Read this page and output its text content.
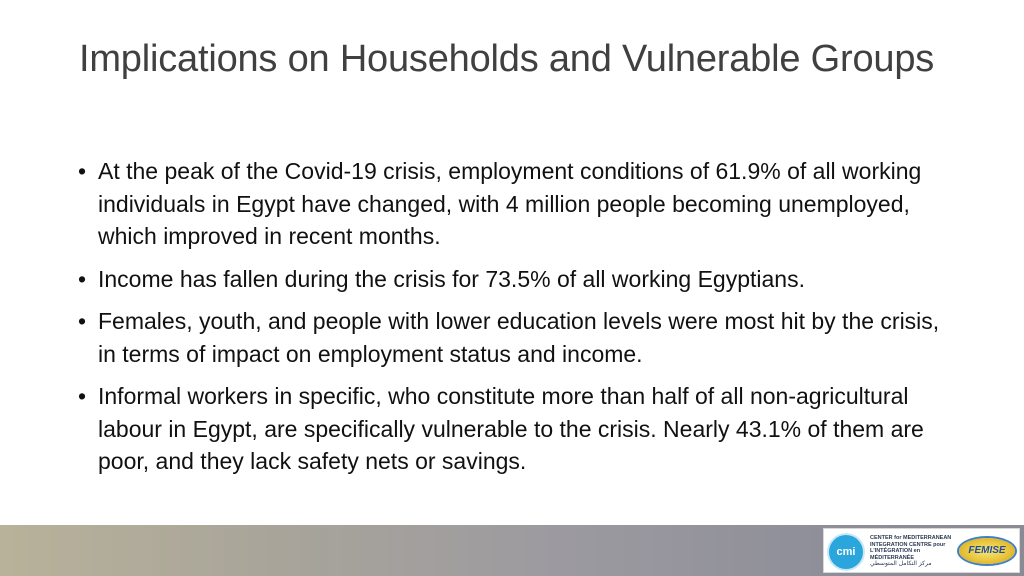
Implications on Households and Vulnerable Groups
• At the peak of the Covid-19 crisis, employment conditions of 61.9% of all working individuals in Egypt have changed, with 4 million people becoming unemployed, which improved in recent months.
• Income has fallen during the crisis for 73.5% of all working Egyptians.
• Females, youth, and people with lower education levels were most hit by the crisis, in terms of impact on employment status and income.
• Informal workers in specific, who constitute more than half of all non-agricultural labour in Egypt, are specifically vulnerable to the crisis. Nearly 43.1% of them are poor, and they lack safety nets or savings.
cmi
CENTER for MEDITERRANEAN
INTEGRATION CENTRE pour
L'INTÉGRATION en MÉDITERRANÉE
مركز التكامل المتوسطي
FEMISE
